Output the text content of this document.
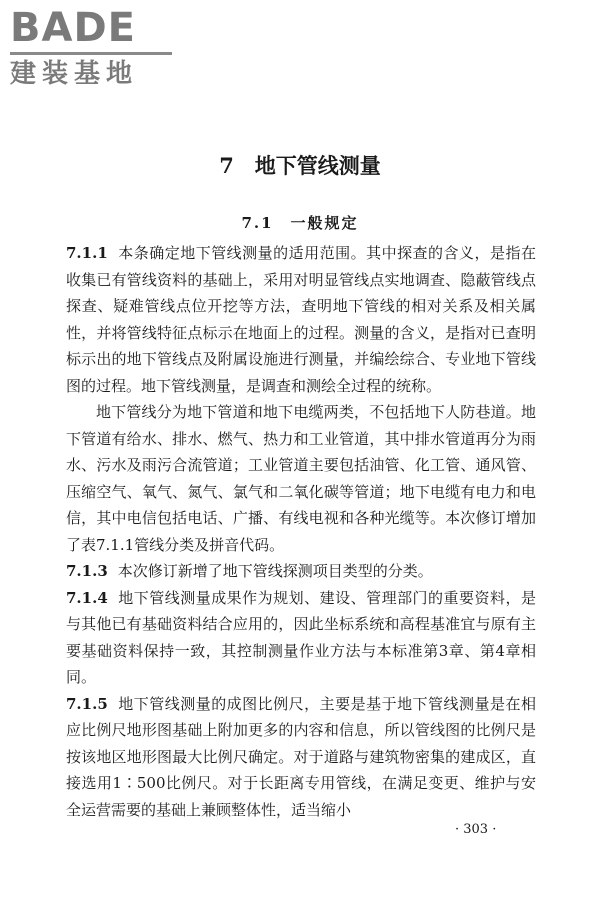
BADE
建装基地
7　地下管线测量
7.1　一般规定

7.1.1 本条确定地下管线测量的适用范围。其中探查的含义，是指在收集已有管线资料的基础上，采用对明显管线点实地调查、隐蔽管线点探查、疑难管线点位开挖等方法，查明地下管线的相对关系及相关属性，并将管线特征点标示在地面上的过程。测量的含义，是指对已查明标示出的地下管线点及附属设施进行测量，并编绘综合、专业地下管线图的过程。地下管线测量，是调查和测绘全过程的统称。

地下管线分为地下管道和地下电缆两类，不包括地下人防巷道。地下管道有给水、排水、燃气、热力和工业管道，其中排水管道再分为雨水、污水及雨污合流管道；工业管道主要包括油管、化工管、通风管、压缩空气、氧气、氮气、氯气和二氧化碳等管道；地下电缆有电力和电信，其中电信包括电话、广播、有线电视和各种光缆等。本次修订增加了表7.1.1管线分类及拼音代码。

7.1.3 本次修订新增了地下管线探测项目类型的分类。

7.1.4 地下管线测量成果作为规划、建设、管理部门的重要资料，是与其他已有基础资料结合应用的，因此坐标系统和高程基准宜与原有主要基础资料保持一致，其控制测量作业方法与本标准第3章、第4章相同。

7.1.5 地下管线测量的成图比例尺，主要是基于地下管线测量是在相应比例尺地形图基础上附加更多的内容和信息，所以管线图的比例尺是按该地区地形图最大比例尺确定。对于道路与建筑物密集的建成区，直接选用1∶500比例尺。对于长距离专用管线，在满足变更、维护与安全运营需要的基础上兼顾整体性，适当缩小

· 303 ·
